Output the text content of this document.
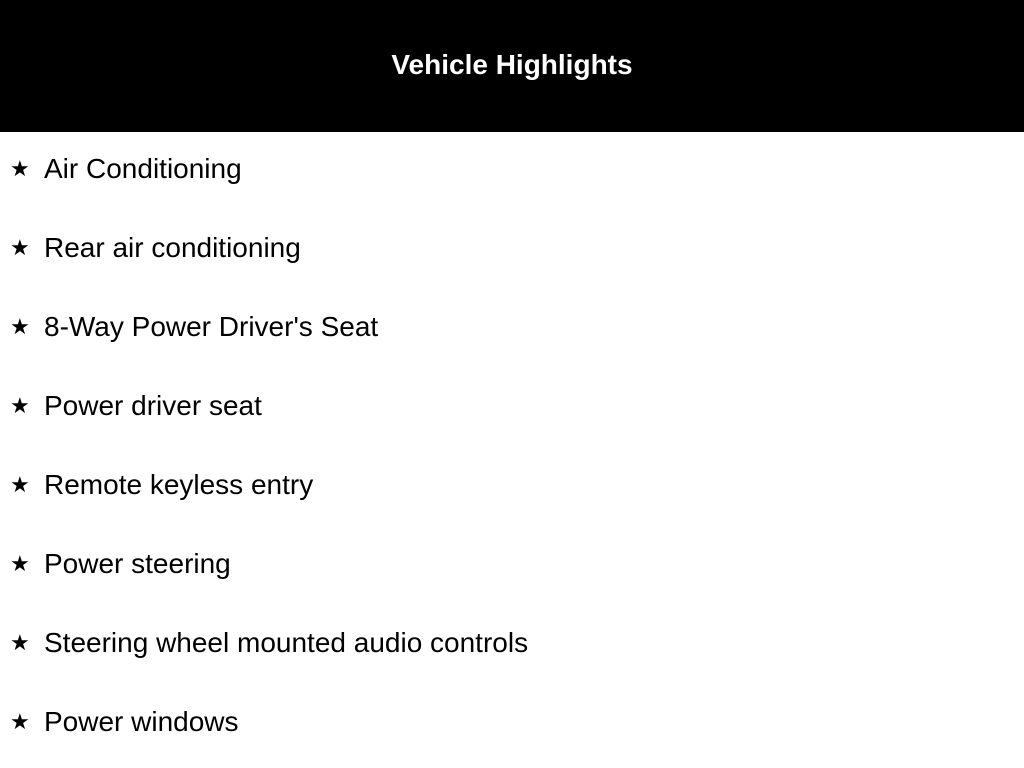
Vehicle Highlights
★ Air Conditioning
★ Rear air conditioning
★ 8-Way Power Driver's Seat
★ Power driver seat
★ Remote keyless entry
★ Power steering
★ Steering wheel mounted audio controls
★ Power windows
